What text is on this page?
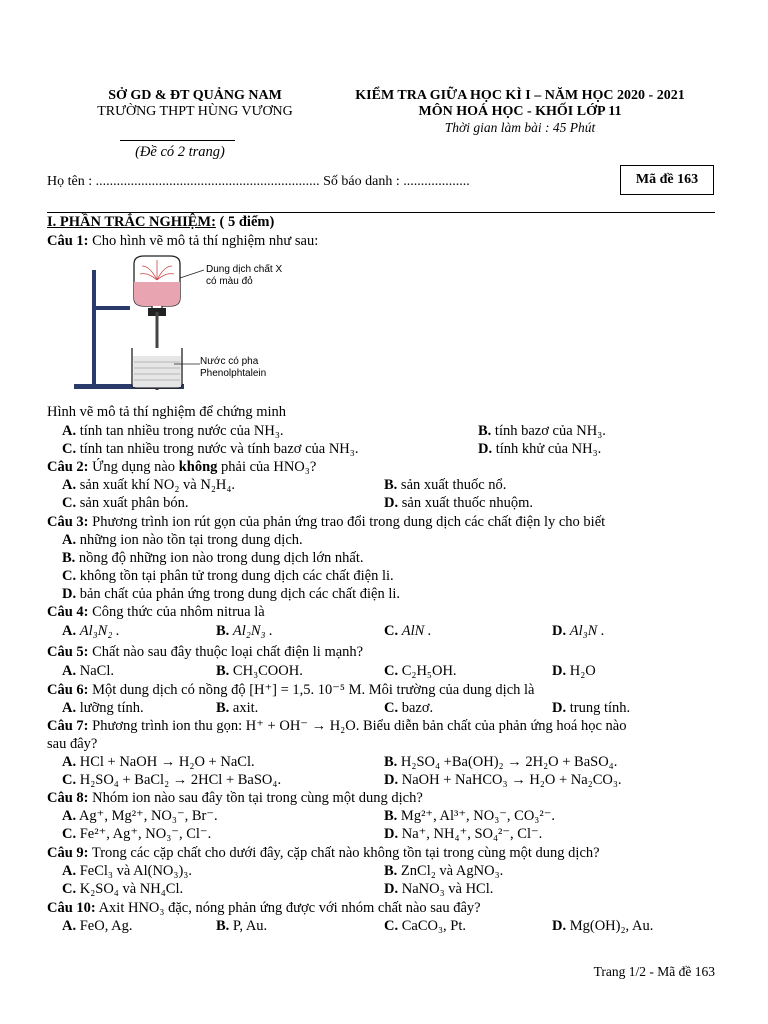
SỞ GD & ĐT QUẢNG NAM
TRƯỜNG THPT HÙNG VƯƠNG
(Đề có 2 trang)
KIỂM TRA GIỮA HỌC KÌ I – NĂM HỌC 2020 - 2021
MÔN HOÁ HỌC - KHỐI LỚP 11
Thời gian làm bài : 45 Phút
Họ tên : ................................................................ Số báo danh : ...................	Mã đề 163
I. PHẦN TRẮC NGHIỆM: ( 5 điểm)
Câu 1: Cho hình vẽ mô tả thí nghiệm như sau:
Dung dịch chất X
có màu đỏ
Nước có pha
Phenolphtalein
Hình vẽ mô tả thí nghiệm để chứng minh
A. tính tan nhiều trong nước của NH₃.	B. tính bazơ của NH₃.
C. tính tan nhiều trong nước và tính bazơ của NH₃.	D. tính khử của NH₃.
Câu 2: Ứng dụng nào không phải của HNO₃?
A. sản xuất khí NO₂ và N₂H₄.	B. sản xuất thuốc nổ.
C. sản xuất phân bón.	D. sản xuất thuốc nhuộm.
Câu 3: Phương trình ion rút gọn của phản ứng trao đổi trong dung dịch các chất điện ly cho biết
A. những ion nào tồn tại trong dung dịch.
B. nồng độ những ion nào trong dung dịch lớn nhất.
C. không tồn tại phân tử trong dung dịch các chất điện li.
D. bản chất của phản ứng trong dung dịch các chất điện li.
Câu 4: Công thức của nhôm nitrua là
A. Al₃N₂ .	B. Al₂N₃ .	C. AlN .	D. Al₃N .
Câu 5: Chất nào sau đây thuộc loại chất điện li mạnh?
A. NaCl.	B. CH₃COOH.	C. C₂H₅OH.	D. H₂O
Câu 6: Một dung dịch có nồng độ [H⁺] = 1,5. 10⁻⁵ M. Môi trường của dung dịch là
A. lưỡng tính.	B. axit.	C. bazơ.	D. trung tính.
Câu 7: Phương trình ion thu gọn: H⁺ + OH⁻ → H₂O. Biểu diễn bản chất của phản ứng hoá học nào
sau đây?
A. HCl + NaOH → H₂O + NaCl.	B. H₂SO₄ +Ba(OH)₂ → 2H₂O + BaSO₄.
C. H₂SO₄ + BaCl₂ → 2HCl + BaSO₄.	D. NaOH + NaHCO₃ → H₂O + Na₂CO₃.
Câu 8: Nhóm ion nào sau đây tồn tại trong cùng một dung dịch?
A. Ag⁺, Mg²⁺, NO₃⁻, Br⁻.	B. Mg²⁺, Al³⁺, NO₃⁻, CO₃²⁻.
C. Fe²⁺, Ag⁺, NO₃⁻, Cl⁻.	D. Na⁺, NH₄⁺, SO₄²⁻, Cl⁻.
Câu 9: Trong các cặp chất cho dưới đây, cặp chất nào không tồn tại trong cùng một dung dịch?
A. FeCl₃ và Al(NO₃)₃.	B. ZnCl₂ và AgNO₃.
C. K₂SO₄ và NH₄Cl.	D. NaNO₃ và HCl.
Câu 10: Axit HNO₃ đặc, nóng phản ứng được với nhóm chất nào sau đây?
A. FeO, Ag.	B. P, Au.	C. CaCO₃, Pt.	D. Mg(OH)₂, Au.
Trang 1/2 - Mã đề 163
